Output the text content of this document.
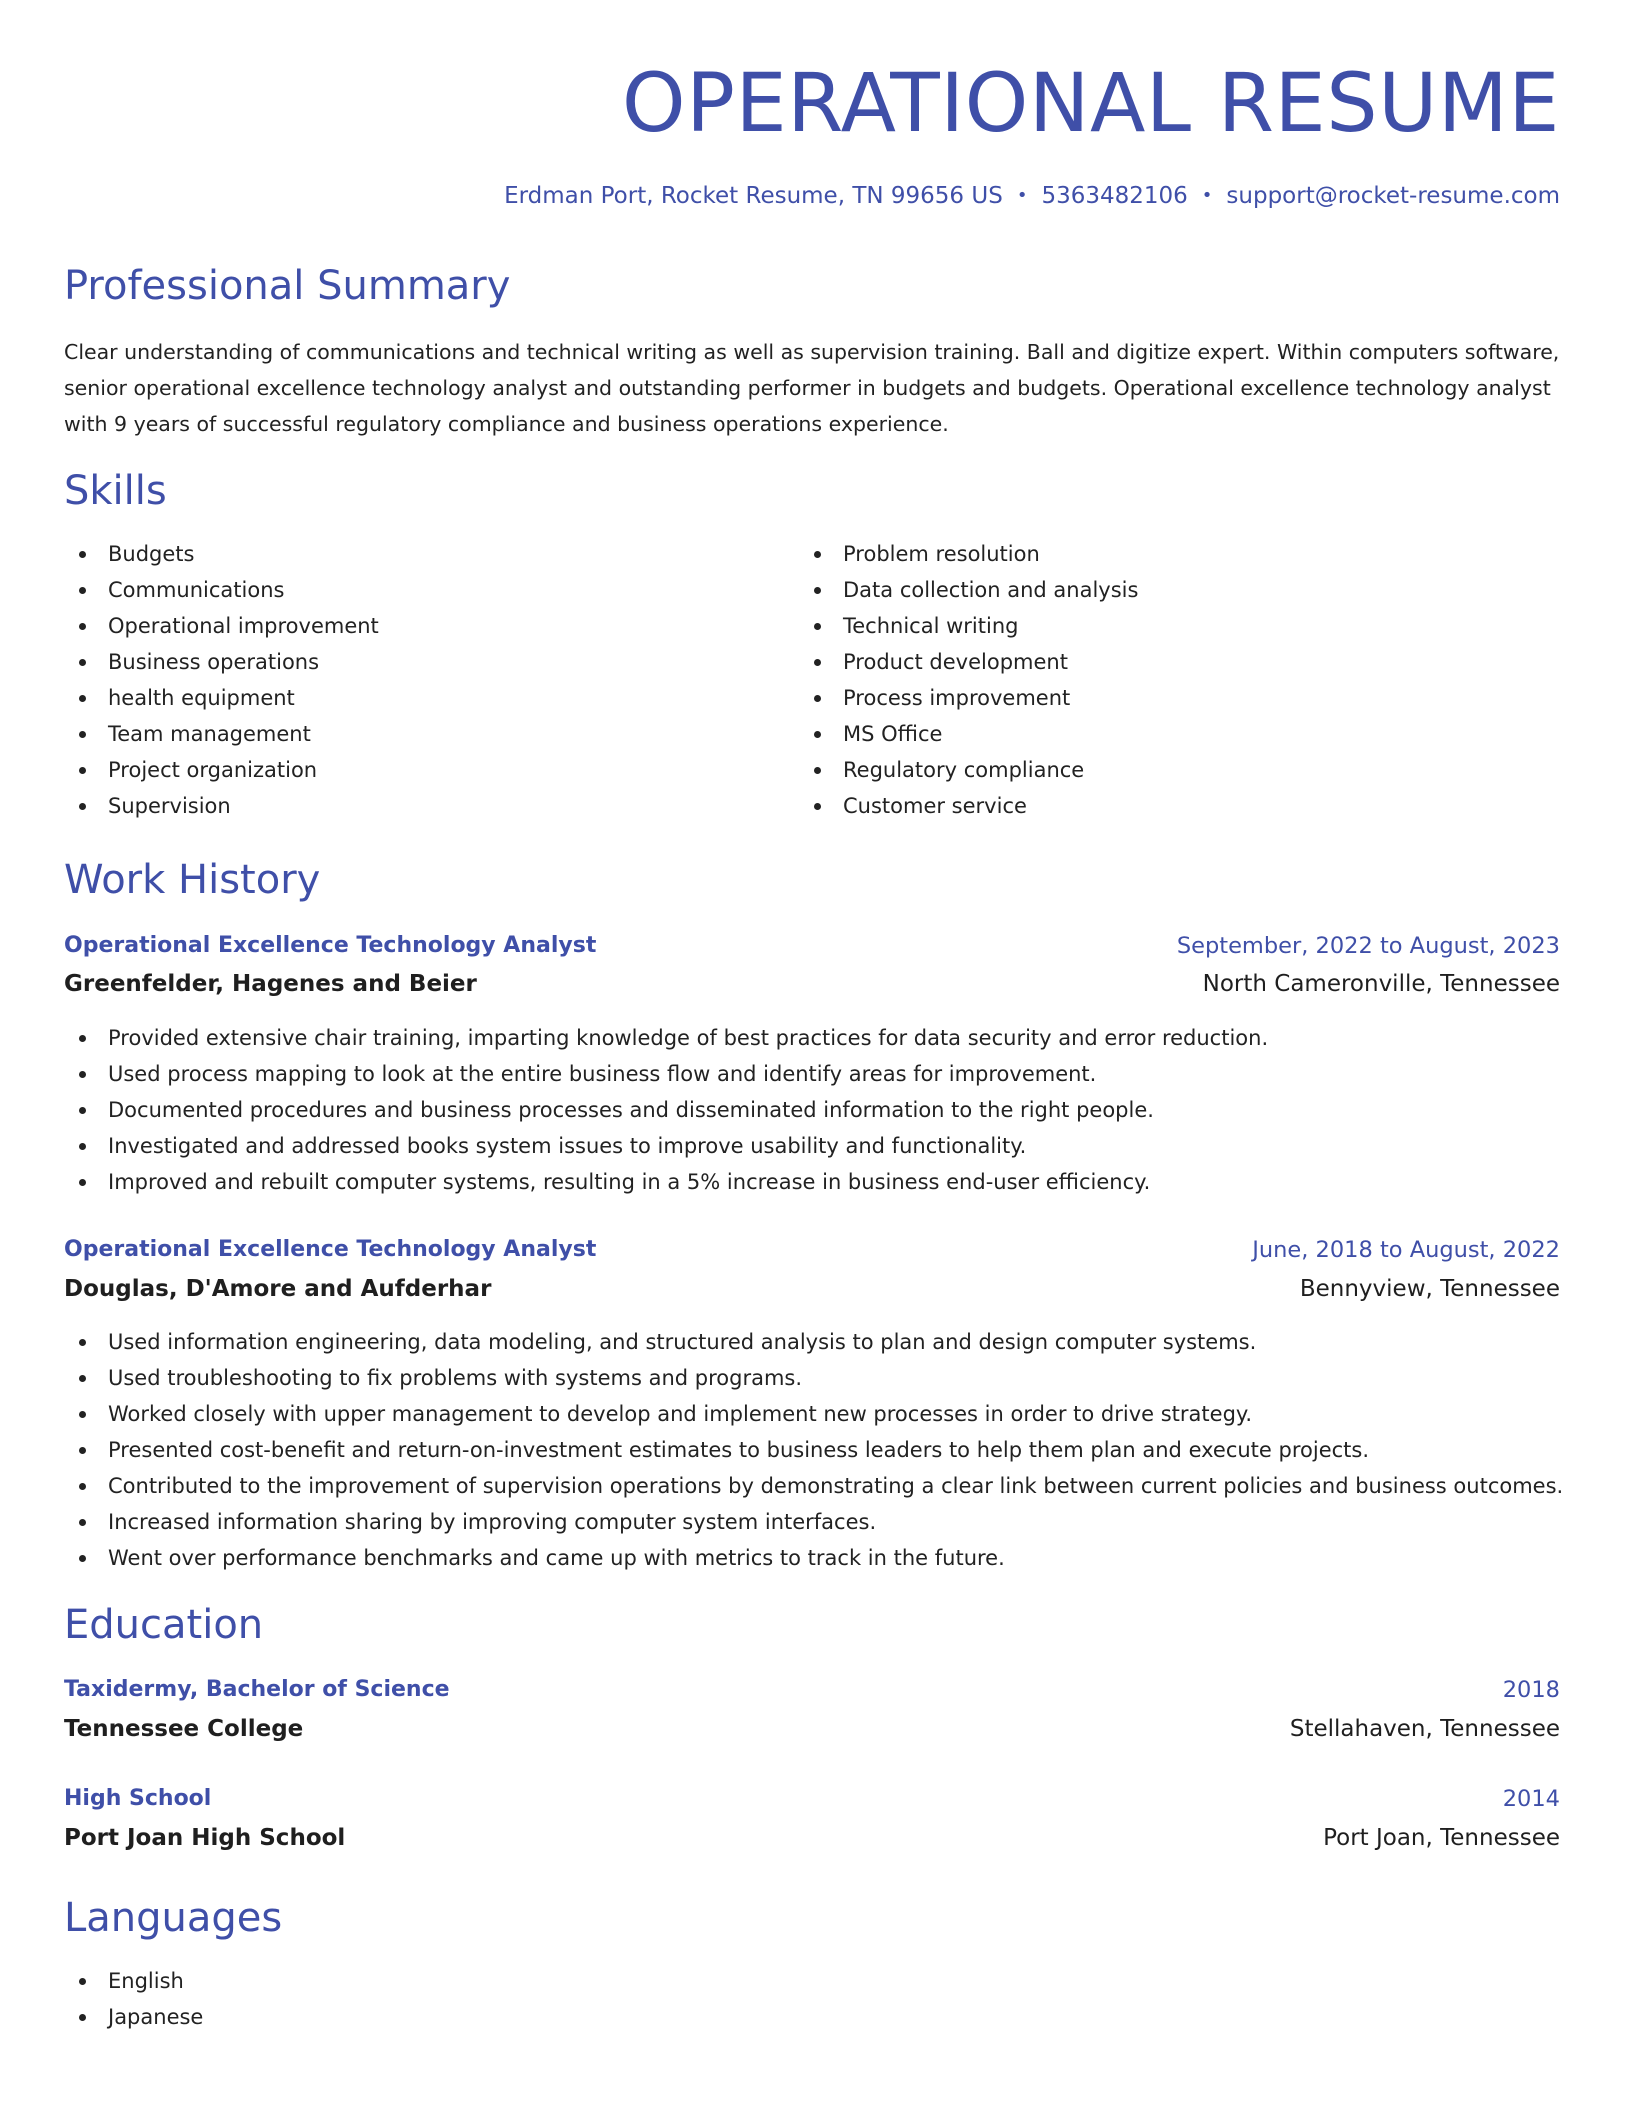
OPERATIONAL RESUME
Erdman Port, Rocket Resume, TN 99656 US • 5363482106 • support@rocket-resume.com
Professional Summary
Clear understanding of communications and technical writing as well as supervision training. Ball and digitize expert. Within computers software, senior operational excellence technology analyst and outstanding performer in budgets and budgets. Operational excellence technology analyst with 9 years of successful regulatory compliance and business operations experience.
Skills
Budgets
Communications
Operational improvement
Business operations
health equipment
Team management
Project organization
Supervision
Problem resolution
Data collection and analysis
Technical writing
Product development
Process improvement
MS Office
Regulatory compliance
Customer service
Work History
Operational Excellence Technology Analyst	September, 2022 to August, 2023
Greenfelder, Hagenes and Beier	North Cameronville, Tennessee
Provided extensive chair training, imparting knowledge of best practices for data security and error reduction.
Used process mapping to look at the entire business flow and identify areas for improvement.
Documented procedures and business processes and disseminated information to the right people.
Investigated and addressed books system issues to improve usability and functionality.
Improved and rebuilt computer systems, resulting in a 5% increase in business end-user efficiency.
Operational Excellence Technology Analyst	June, 2018 to August, 2022
Douglas, D'Amore and Aufderhar	Bennyview, Tennessee
Used information engineering, data modeling, and structured analysis to plan and design computer systems.
Used troubleshooting to fix problems with systems and programs.
Worked closely with upper management to develop and implement new processes in order to drive strategy.
Presented cost-benefit and return-on-investment estimates to business leaders to help them plan and execute projects.
Contributed to the improvement of supervision operations by demonstrating a clear link between current policies and business outcomes.
Increased information sharing by improving computer system interfaces.
Went over performance benchmarks and came up with metrics to track in the future.
Education
Taxidermy, Bachelor of Science	2018
Tennessee College	Stellahaven, Tennessee
High School	2014
Port Joan High School	Port Joan, Tennessee
Languages
English
Japanese
